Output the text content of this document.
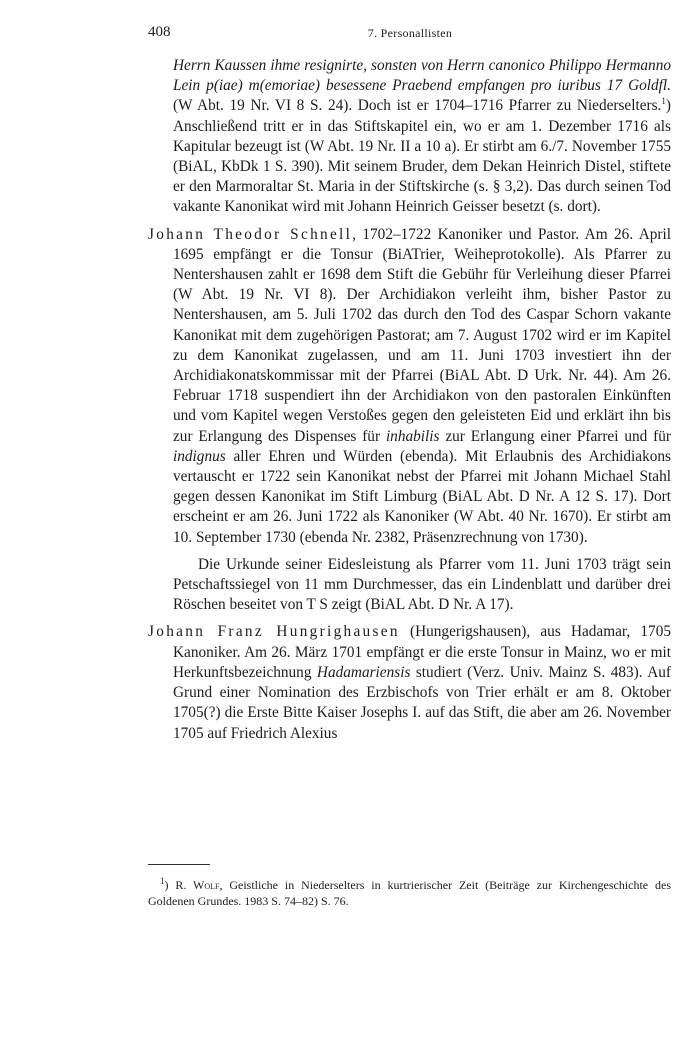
408	7. Personallisten

Herrn Kaussen ihme resignirte, sonsten von Herrn canonico Philippo Hermanno Lein p(iae) m(emoriae) besessene Praebend empfangen pro iuribus 17 Goldfl. (W Abt. 19 Nr. VI 8 S. 24). Doch ist er 1704–1716 Pfarrer zu Niederselters.$^1$) Anschließend tritt er in das Stiftskapitel ein, wo er am 1. Dezember 1716 als Kapitular bezeugt ist (W Abt. 19 Nr. II a 10 a). Er stirbt am 6./7. November 1755 (BiAL, KbDk 1 S. 390). Mit seinem Bruder, dem Dekan Heinrich Distel, stiftete er den Marmoraltar St. Maria in der Stiftskirche (s. § 3,2). Das durch seinen Tod vakante Kanonikat wird mit Johann Heinrich Geisser besetzt (s. dort).

Johann Theodor Schnell, 1702–1722 Kanoniker und Pastor. Am 26. April 1695 empfängt er die Tonsur (BiATrier, Weiheprotokolle). Als Pfarrer zu Nentershausen zahlt er 1698 dem Stift die Gebühr für Verleihung dieser Pfarrei (W Abt. 19 Nr. VI 8). Der Archidiakon verleiht ihm, bisher Pastor zu Nentershausen, am 5. Juli 1702 das durch den Tod des Caspar Schorn vakante Kanonikat mit dem zugehörigen Pastorat; am 7. August 1702 wird er im Kapitel zu dem Kanonikat zugelassen, und am 11. Juni 1703 investiert ihn der Archidiakonatskommissar mit der Pfarrei (BiAL Abt. D Urk. Nr. 44). Am 26. Februar 1718 suspendiert ihn der Archidiakon von den pastoralen Einkünften und vom Kapitel wegen Verstoßes gegen den geleisteten Eid und erklärt ihn bis zur Erlangung des Dispenses für inhabilis zur Erlangung einer Pfarrei und für indignus aller Ehren und Würden (ebenda). Mit Erlaubnis des Archidiakons vertauscht er 1722 sein Kanonikat nebst der Pfarrei mit Johann Michael Stahl gegen dessen Kanonikat im Stift Limburg (BiAL Abt. D Nr. A 12 S. 17). Dort erscheint er am 26. Juni 1722 als Kanoniker (W Abt. 40 Nr. 1670). Er stirbt am 10. September 1730 (ebenda Nr. 2382, Präsenzrechnung von 1730).

Die Urkunde seiner Eidesleistung als Pfarrer vom 11. Juni 1703 trägt sein Petschaftssiegel von 11 mm Durchmesser, das ein Lindenblatt und darüber drei Röschen beseitet von T S zeigt (BiAL Abt. D Nr. A 17).

Johann Franz Hungrighausen (Hungerigshausen), aus Hadamar, 1705 Kanoniker. Am 26. März 1701 empfängt er die erste Tonsur in Mainz, wo er mit Herkunftsbezeichnung Hadamariensis studiert (Verz. Univ. Mainz S. 483). Auf Grund einer Nomination des Erzbischofs von Trier erhält er am 8. Oktober 1705(?) die Erste Bitte Kaiser Josephs I. auf das Stift, die aber am 26. November 1705 auf Friedrich Alexius

$^1$) R. Wolf, Geistliche in Niederselters in kurtrierischer Zeit (Beiträge zur Kirchengeschichte des Goldenen Grundes. 1983 S. 74–82) S. 76.
